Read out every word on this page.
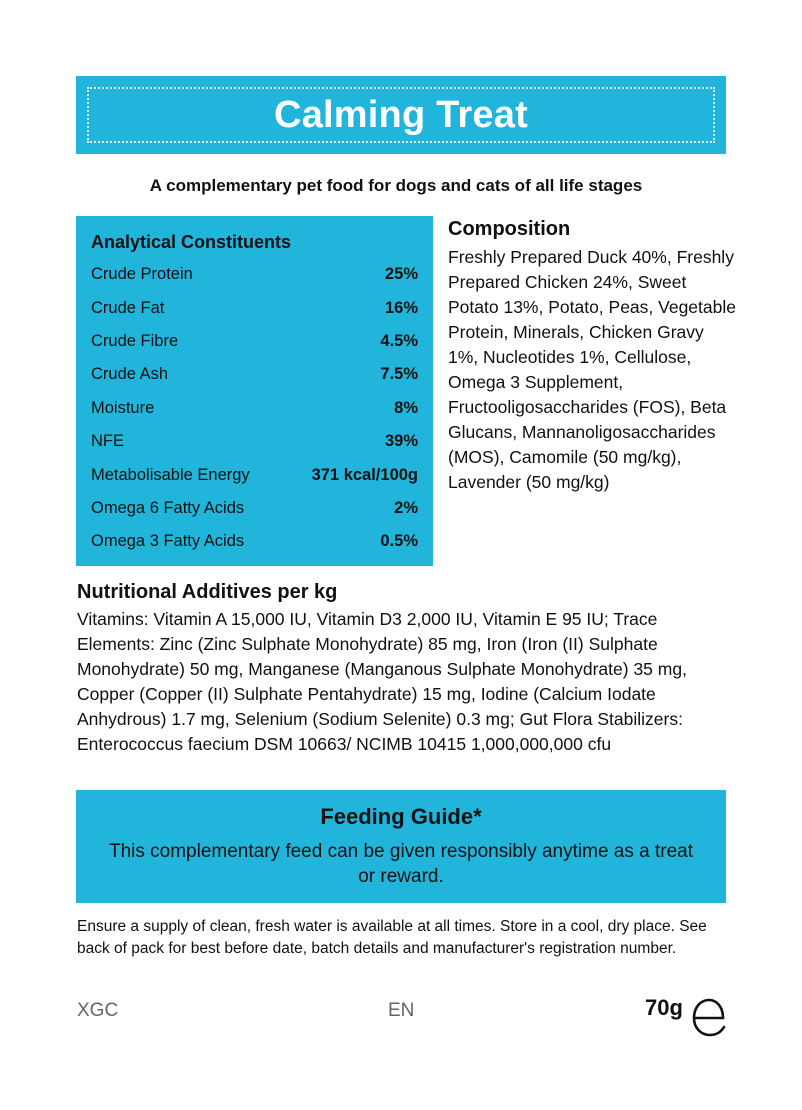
Calming Treat
A complementary pet food for dogs and cats of all life stages
Analytical Constituents
Crude Protein	25%
Crude Fat	16%
Crude Fibre	4.5%
Crude Ash	7.5%
Moisture	8%
NFE	39%
Metabolisable Energy	371 kcal/100g
Omega 6 Fatty Acids	2%
Omega 3 Fatty Acids	0.5%
Composition

Freshly Prepared Duck 40%, Freshly Prepared Chicken 24%, Sweet Potato 13%, Potato, Peas, Vegetable Protein, Minerals, Chicken Gravy 1%, Nucleotides 1%, Cellulose, Omega 3 Supplement, Fructooligosaccharides (FOS), Beta Glucans, Mannanoligosaccharides (MOS), Camomile (50 mg/kg), Lavender (50 mg/kg)

Nutritional Additives per kg

Vitamins: Vitamin A 15,000 IU, Vitamin D3 2,000 IU, Vitamin E 95 IU; Trace Elements: Zinc (Zinc Sulphate Monohydrate) 85 mg, Iron (Iron (II) Sulphate Monohydrate) 50 mg, Manganese (Manganous Sulphate Monohydrate) 35 mg, Copper (Copper (II) Sulphate Pentahydrate) 15 mg, Iodine (Calcium Iodate Anhydrous) 1.7 mg, Selenium (Sodium Selenite) 0.3 mg; Gut Flora Stabilizers: Enterococcus faecium DSM 10663/ NCIMB 10415 1,000,000,000 cfu

Feeding Guide*

This complementary feed can be given responsibly anytime as a treat or reward.

Ensure a supply of clean, fresh water is available at all times. Store in a cool, dry place. See back of pack for best before date, batch details and manufacturer's registration number.

XGC	EN	70g
